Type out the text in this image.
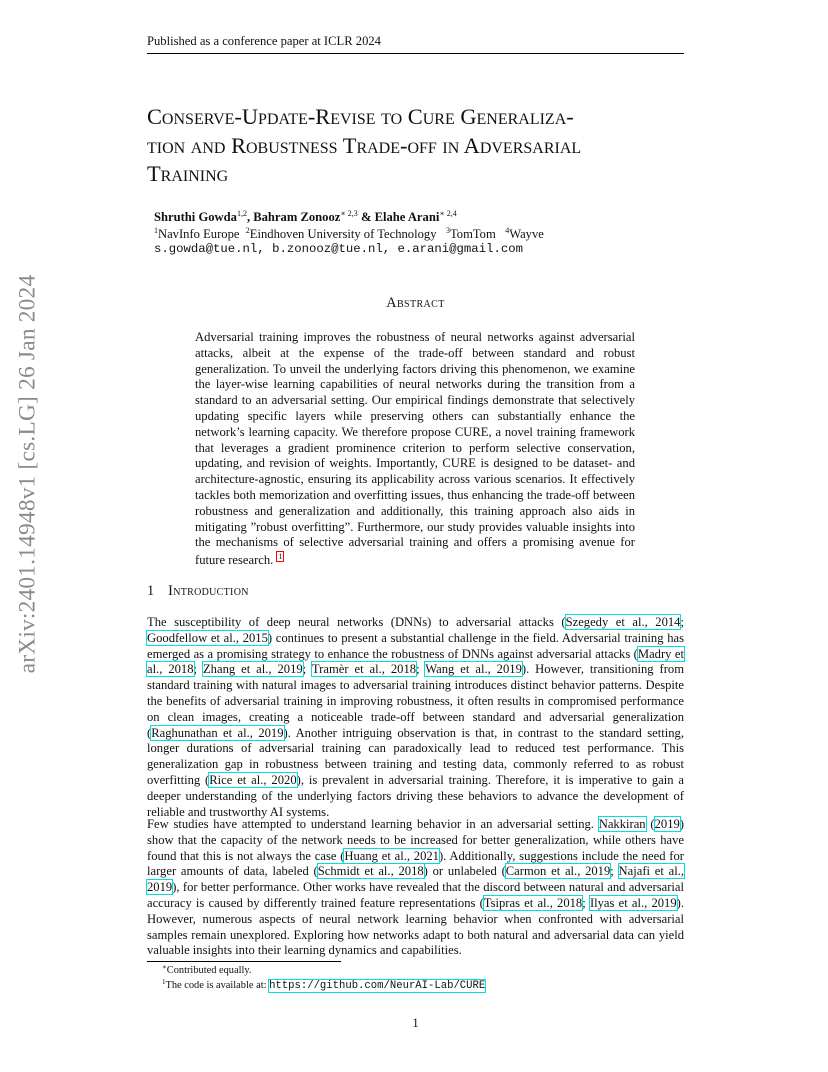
Published as a conference paper at ICLR 2024
arXiv:2401.14948v1 [cs.LG] 26 Jan 2024
Conserve-Update-Revise to Cure Generaliza-
tion and Robustness Trade-off in Adversarial
Training
Shruthi Gowda$^{1,2}$, Bahram Zonooz$^{∗ 2,3}$ & Elahe Arani$^{∗ 2,4}$
$^1$NavInfo Europe $^2$Eindhoven University of Technology $^3$TomTom $^4$Wayve
s.gowda@tue.nl, b.zonooz@tue.nl, e.arani@gmail.com
Abstract
Adversarial training improves the robustness of neural networks against adversarial attacks, albeit at the expense of the trade-off between standard and robust generalization. To unveil the underlying factors driving this phenomenon, we examine the layer-wise learning capabilities of neural networks during the transition from a standard to an adversarial setting. Our empirical findings demonstrate that selectively updating specific layers while preserving others can substantially enhance the network’s learning capacity. We therefore propose CURE, a novel training framework that leverages a gradient prominence criterion to perform selective conservation, updating, and revision of weights. Importantly, CURE is designed to be dataset- and architecture-agnostic, ensuring its applicability across various scenarios. It effectively tackles both memorization and overfitting issues, thus enhancing the trade-off between robustness and generalization and additionally, this training approach also aids in mitigating ”robust overfitting”. Furthermore, our study provides valuable insights into the mechanisms of selective adversarial training and offers a promising avenue for future research. 1
1 Introduction
The susceptibility of deep neural networks (DNNs) to adversarial attacks (Szegedy et al., 2014; Goodfellow et al., 2015) continues to present a substantial challenge in the field. Adversarial training has emerged as a promising strategy to enhance the robustness of DNNs against adversarial attacks (Madry et al., 2018; Zhang et al., 2019; Tramèr et al., 2018; Wang et al., 2019). However, transitioning from standard training with natural images to adversarial training introduces distinct behavior patterns. Despite the benefits of adversarial training in improving robustness, it often results in compromised performance on clean images, creating a noticeable trade-off between standard and adversarial generalization (Raghunathan et al., 2019). Another intriguing observation is that, in contrast to the standard setting, longer durations of adversarial training can paradoxically lead to reduced test performance. This generalization gap in robustness between training and testing data, commonly referred to as robust overfitting (Rice et al., 2020), is prevalent in adversarial training. Therefore, it is imperative to gain a deeper understanding of the underlying factors driving these behaviors to advance the development of reliable and trustworthy AI systems.
Few studies have attempted to understand learning behavior in an adversarial setting. Nakkiran (2019) show that the capacity of the network needs to be increased for better generalization, while others have found that this is not always the case (Huang et al., 2021). Additionally, suggestions include the need for larger amounts of data, labeled (Schmidt et al., 2018) or unlabeled (Carmon et al., 2019; Najafi et al., 2019), for better performance. Other works have revealed that the discord between natural and adversarial accuracy is caused by differently trained feature representations (Tsipras et al., 2018; Ilyas et al., 2019). However, numerous aspects of neural network learning behavior when confronted with adversarial samples remain unexplored. Exploring how networks adapt to both natural and adversarial data can yield valuable insights into their learning dynamics and capabilities.
∗Contributed equally.
$^1$The code is available at: https://github.com/NeurAI-Lab/CURE
1
